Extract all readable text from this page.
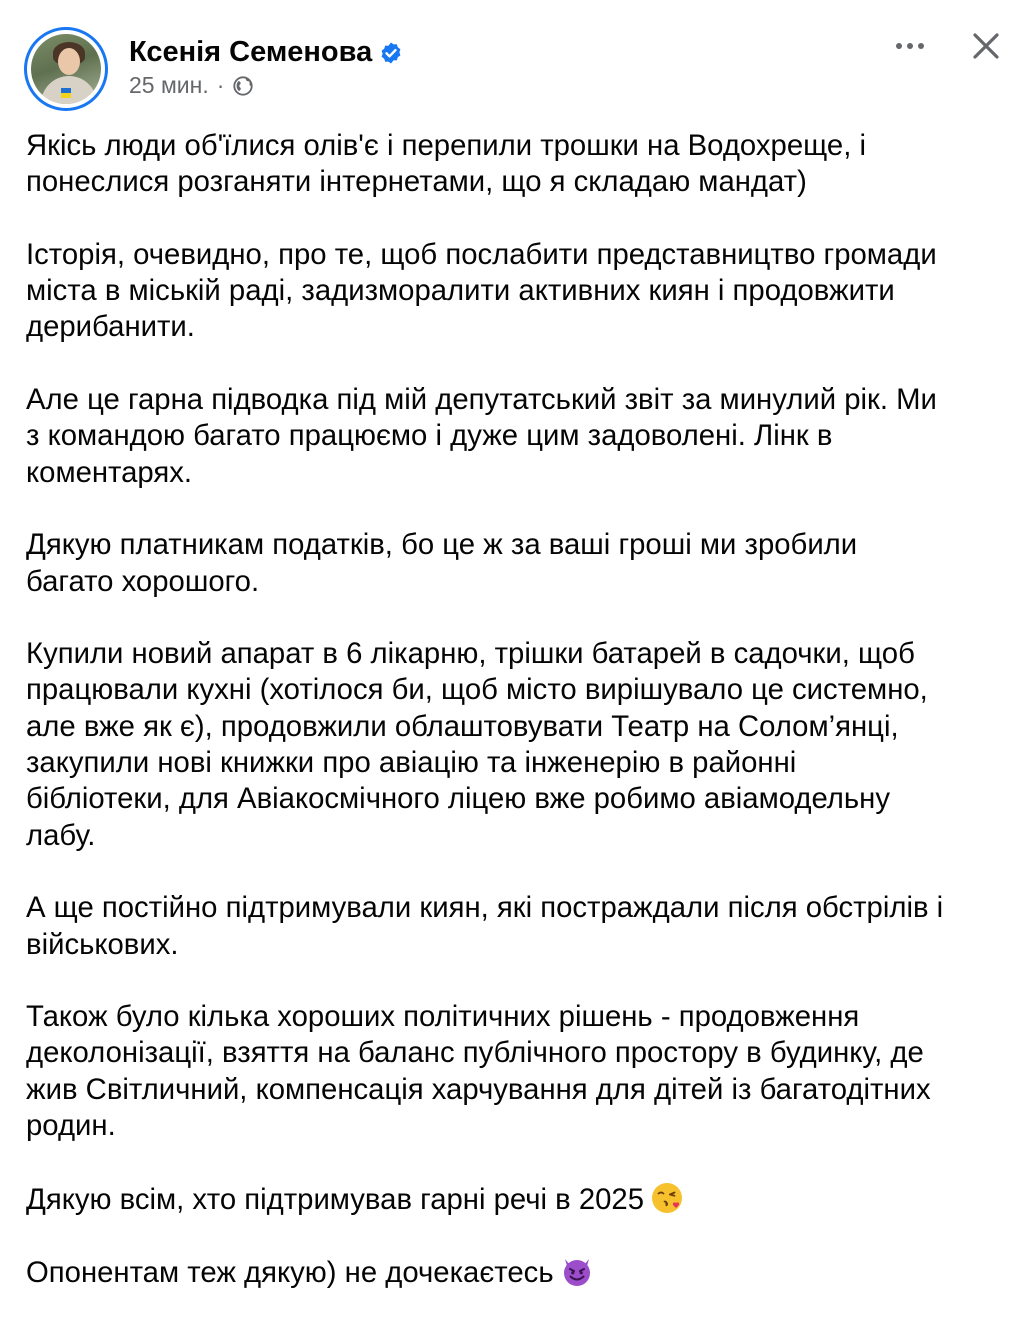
Ксенія Семенова
25 мин. ·

Якісь люди об'їлися олів'є і перепили трошки на Водохреще, і
понеслися розганяти інтернетами, що я складаю мандат)

Історія, очевидно, про те, щоб послабити представництво громади
міста в міській раді, задизморалити активних киян і продовжити
дерибанити.

Але це гарна підводка під мій депутатський звіт за минулий рік. Ми
з командою багато працюємо і дуже цим задоволені. Лінк в
коментарях.

Дякую платникам податків, бо це ж за ваші гроші ми зробили
багато хорошого.

Купили новий апарат в 6 лікарню, трішки батарей в садочки, щоб
працювали кухні (хотілося би, щоб місто вирішувало це системно,
але вже як є), продовжили облаштовувати Театр на Солом’янці,
закупили нові книжки про авіацію та інженерію в районні
бібліотеки, для Авіакосмічного ліцею вже робимо авіамодельну
лабу.

А ще постійно підтримували киян, які постраждали після обстрілів і
військових.

Також було кілька хороших політичних рішень - продовження
деколонізації, взяття на баланс публічного простору в будинку, де
жив Світличний, компенсація харчування для дітей із багатодітних
родин.

Дякую всім, хто підтримував гарні речі в 2025

Опонентам теж дякую) не дочекаєтесь
